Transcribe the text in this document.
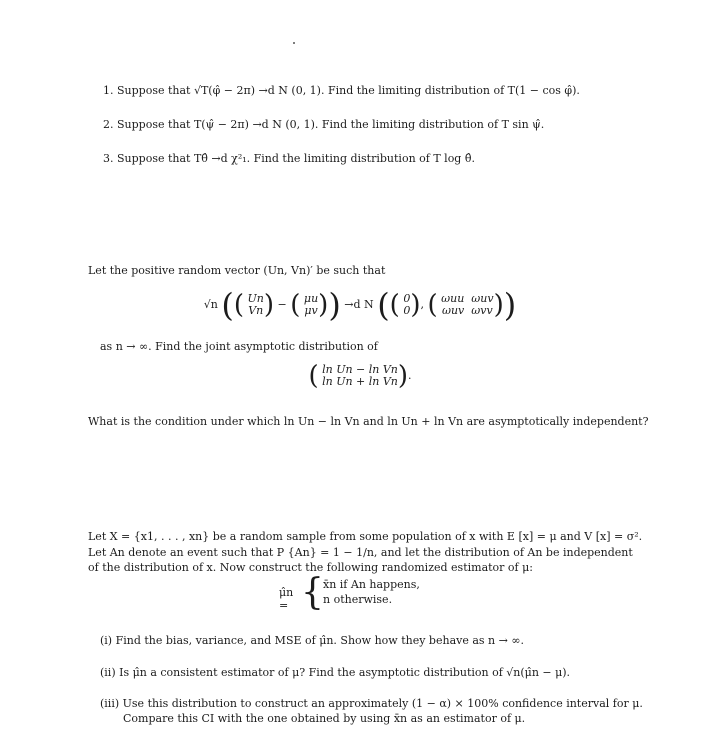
1. Suppose that √T(φ̂ − 2π) →d N (0, 1). Find the limiting distribution of T(1 − cos φ̂).
2. Suppose that T(ψ̂ − 2π) →d N (0, 1). Find the limiting distribution of T sin ψ̂.
3. Suppose that Tθ̂ →d χ²₁. Find the limiting distribution of T log θ̂.
Let the positive random vector (Un, Vn)′ be such that
√n (( Un
Vn) − ( μu
μv)) →d N (( 0
0), ( ωuu ωuv
ωuv ωvv))
as n → ∞. Find the joint asymptotic distribution of
( ln Un − ln Vn
ln Un + ln Vn).
What is the condition under which ln Un − ln Vn and ln Un + ln Vn are asymptotically independent?
Let X = {x1, . . . , xn} be a random sample from some population of x with E [x] = μ and V [x] = σ².
Let An denote an event such that P {An} = 1 − 1/n, and let the distribution of An be independent
of the distribution of x. Now construct the following randomized estimator of μ:
μ̂n = { x̄n if An happens,
n otherwise.
(i) Find the bias, variance, and MSE of μ̂n. Show how they behave as n → ∞.
(ii) Is μ̂n a consistent estimator of μ? Find the asymptotic distribution of √n(μ̂n − μ).
(iii) Use this distribution to construct an approximately (1 − α) × 100% confidence interval for μ.
Compare this CI with the one obtained by using x̄n as an estimator of μ.
